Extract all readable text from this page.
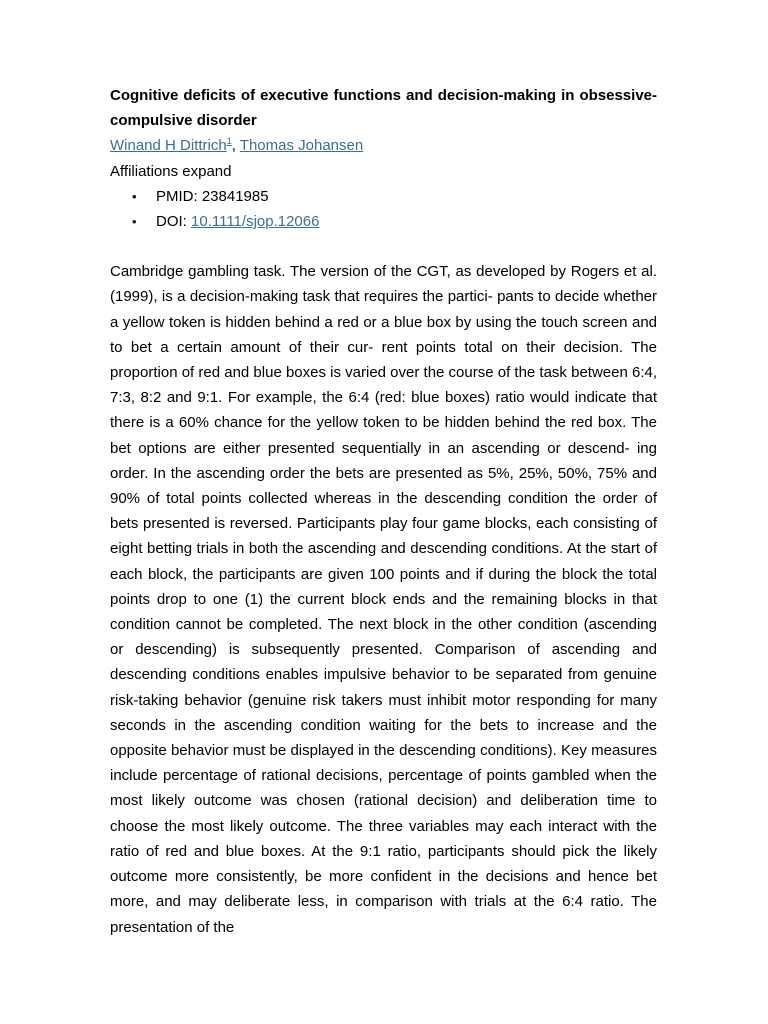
Cognitive deficits of executive functions and decision-making in obsessive-compulsive disorder

Winand H Dittrich$^1$, Thomas Johansen

Affiliations expand

• PMID: 23841985
• DOI: 10.1111/sjop.12066

Cambridge gambling task. The version of the CGT, as developed by Rogers et al. (1999), is a decision-making task that requires the partici- pants to decide whether a yellow token is hidden behind a red or a blue box by using the touch screen and to bet a certain amount of their cur- rent points total on their decision. The proportion of red and blue boxes is varied over the course of the task between 6:4, 7:3, 8:2 and 9:1. For example, the 6:4 (red: blue boxes) ratio would indicate that there is a 60% chance for the yellow token to be hidden behind the red box. The bet options are either presented sequentially in an ascending or descend- ing order. In the ascending order the bets are presented as 5%, 25%, 50%, 75% and 90% of total points collected whereas in the descending condition the order of bets presented is reversed. Participants play four game blocks, each consisting of eight betting trials in both the ascending and descending conditions. At the start of each block, the participants are given 100 points and if during the block the total points drop to one (1) the current block ends and the remaining blocks in that condition cannot be completed. The next block in the other condition (ascending or descending) is subsequently presented. Comparison of ascending and descending conditions enables impulsive behavior to be separated from genuine risk-taking behavior (genuine risk takers must inhibit motor responding for many seconds in the ascending condition waiting for the bets to increase and the opposite behavior must be displayed in the descending conditions). Key measures include percentage of rational decisions, percentage of points gambled when the most likely outcome was chosen (rational decision) and deliberation time to choose the most likely outcome. The three variables may each interact with the ratio of red and blue boxes. At the 9:1 ratio, participants should pick the likely outcome more consistently, be more confident in the decisions and hence bet more, and may deliberate less, in comparison with trials at the 6:4 ratio. The presentation of the
